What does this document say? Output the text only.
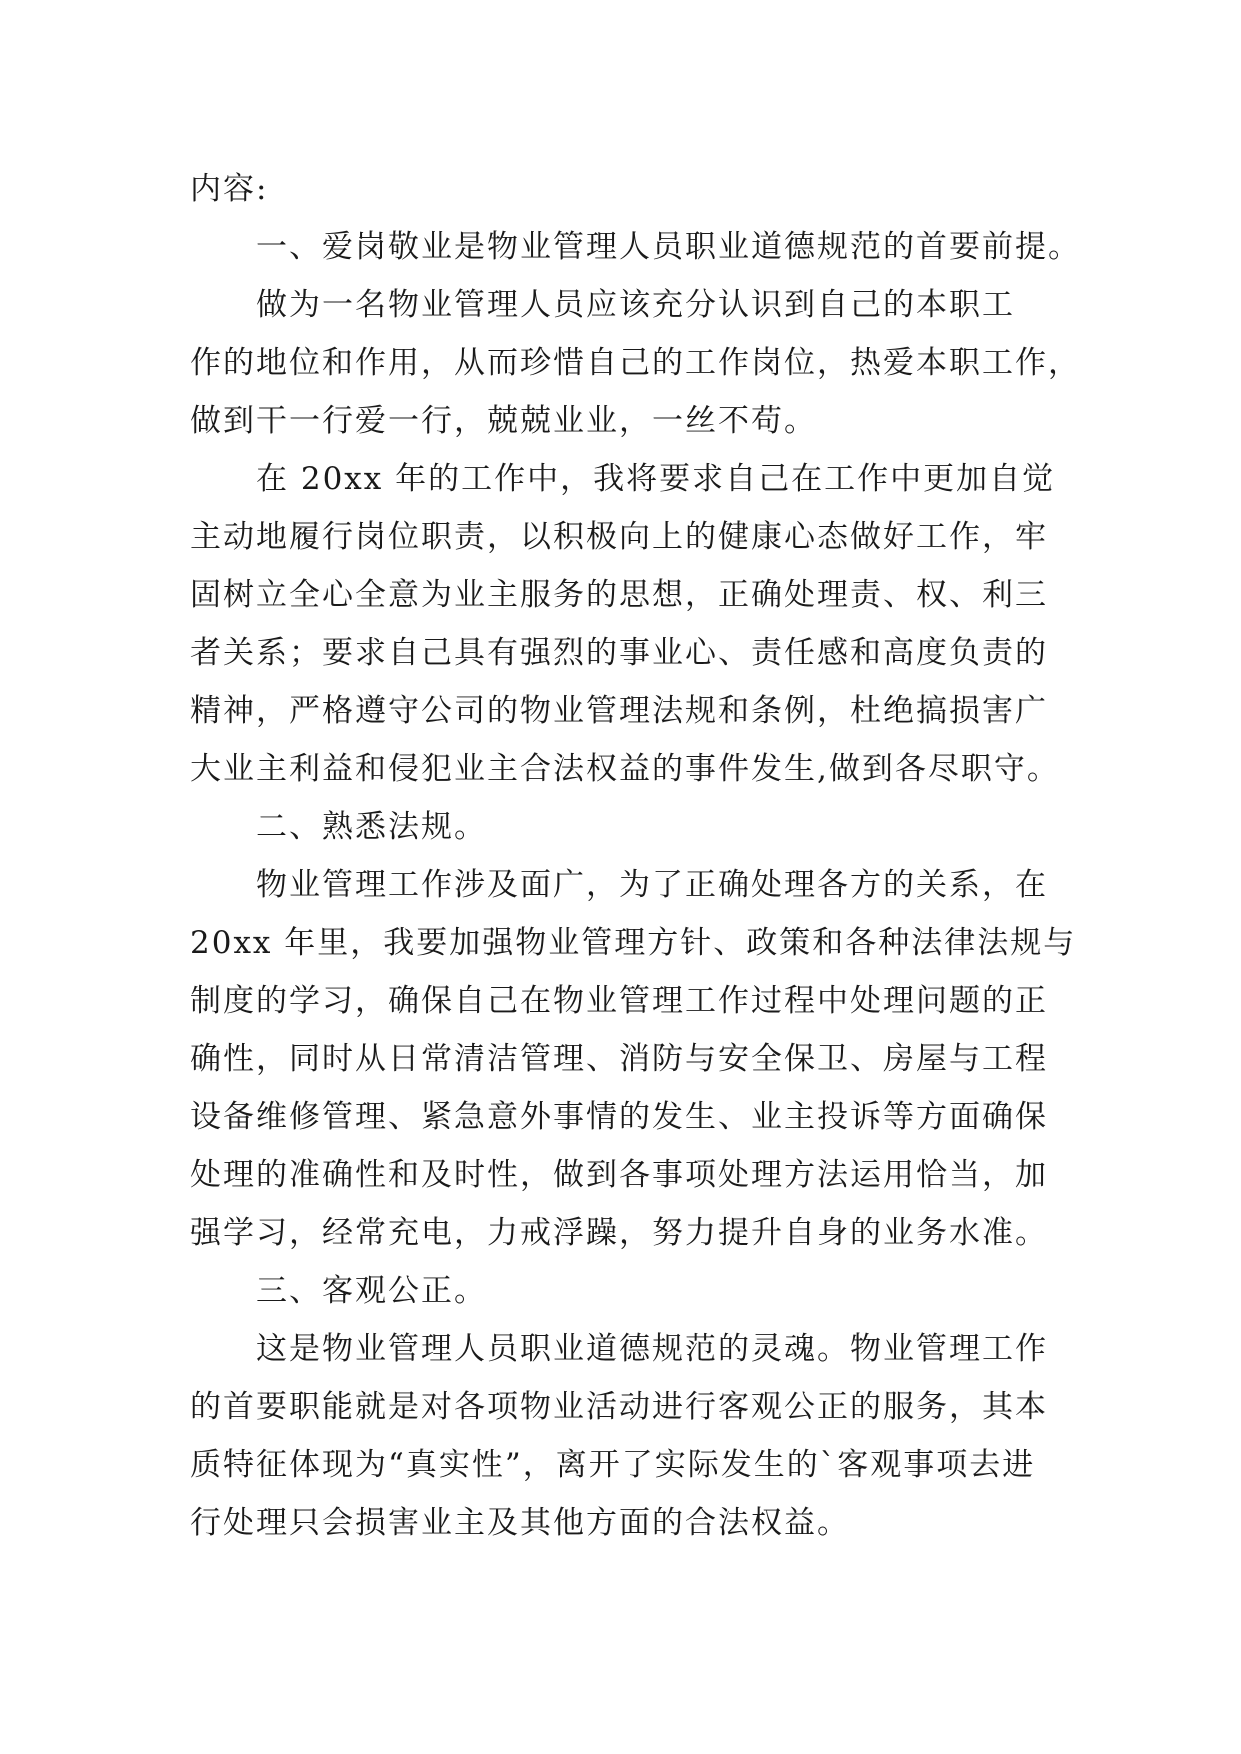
内容:

一、爱岗敬业是物业管理人员职业道德规范的首要前提。

做为一名物业管理人员应该充分认识到自己的本职工

作的地位和作用，从而珍惜自己的工作岗位，热爱本职工作，

做到干一行爱一行，兢兢业业，一丝不苟。

在 20xx 年的工作中，我将要求自己在工作中更加自觉

主动地履行岗位职责，以积极向上的健康心态做好工作，牢

固树立全心全意为业主服务的思想，正确处理责、权、利三

者关系；要求自己具有强烈的事业心、责任感和高度负责的

精神，严格遵守公司的物业管理法规和条例，杜绝搞损害广

大业主利益和侵犯业主合法权益的事件发生,做到各尽职守。

二、熟悉法规。

物业管理工作涉及面广，为了正确处理各方的关系，在

20xx 年里，我要加强物业管理方针、政策和各种法律法规与

制度的学习，确保自己在物业管理工作过程中处理问题的正

确性，同时从日常清洁管理、消防与安全保卫、房屋与工程

设备维修管理、紧急意外事情的发生、业主投诉等方面确保

处理的准确性和及时性，做到各事项处理方法运用恰当，加

强学习，经常充电，力戒浮躁，努力提升自身的业务水准。

三、客观公正。

这是物业管理人员职业道德规范的灵魂。物业管理工作

的首要职能就是对各项物业活动进行客观公正的服务，其本

质特征体现为“真实性”，离开了实际发生的`客观事项去进

行处理只会损害业主及其他方面的合法权益。
